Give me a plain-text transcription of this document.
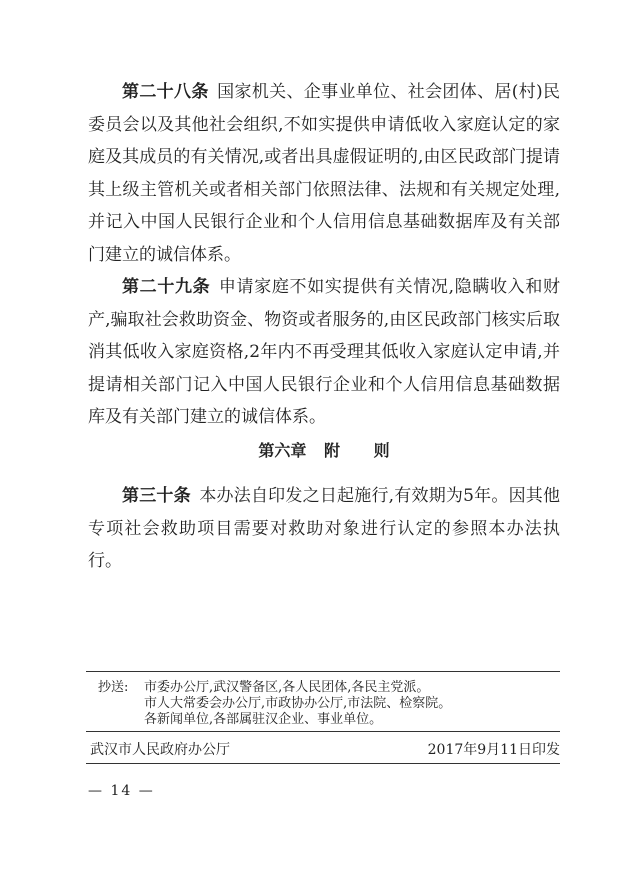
第二十八条 国家机关、企事业单位、社会团体、居(村)民委员会以及其他社会组织,不如实提供申请低收入家庭认定的家庭及其成员的有关情况,或者出具虚假证明的,由区民政部门提请其上级主管机关或者相关部门依照法律、法规和有关规定处理,并记入中国人民银行企业和个人信用信息基础数据库及有关部门建立的诚信体系。

第二十九条 申请家庭不如实提供有关情况,隐瞒收入和财产,骗取社会救助资金、物资或者服务的,由区民政部门核实后取消其低收入家庭资格,2年内不再受理其低收入家庭认定申请,并提请相关部门记入中国人民银行企业和个人信用信息基础数据库及有关部门建立的诚信体系。

第六章 附 则

第三十条 本办法自印发之日起施行,有效期为5年。因其他专项社会救助项目需要对救助对象进行认定的参照本办法执行。

抄送: 市委办公厅,武汉警备区,各人民团体,各民主党派。
市人大常委会办公厅,市政协办公厅,市法院、检察院。
各新闻单位,各部属驻汉企业、事业单位。
武汉市人民政府办公厅	2017年9月11日印发
— 14 —
